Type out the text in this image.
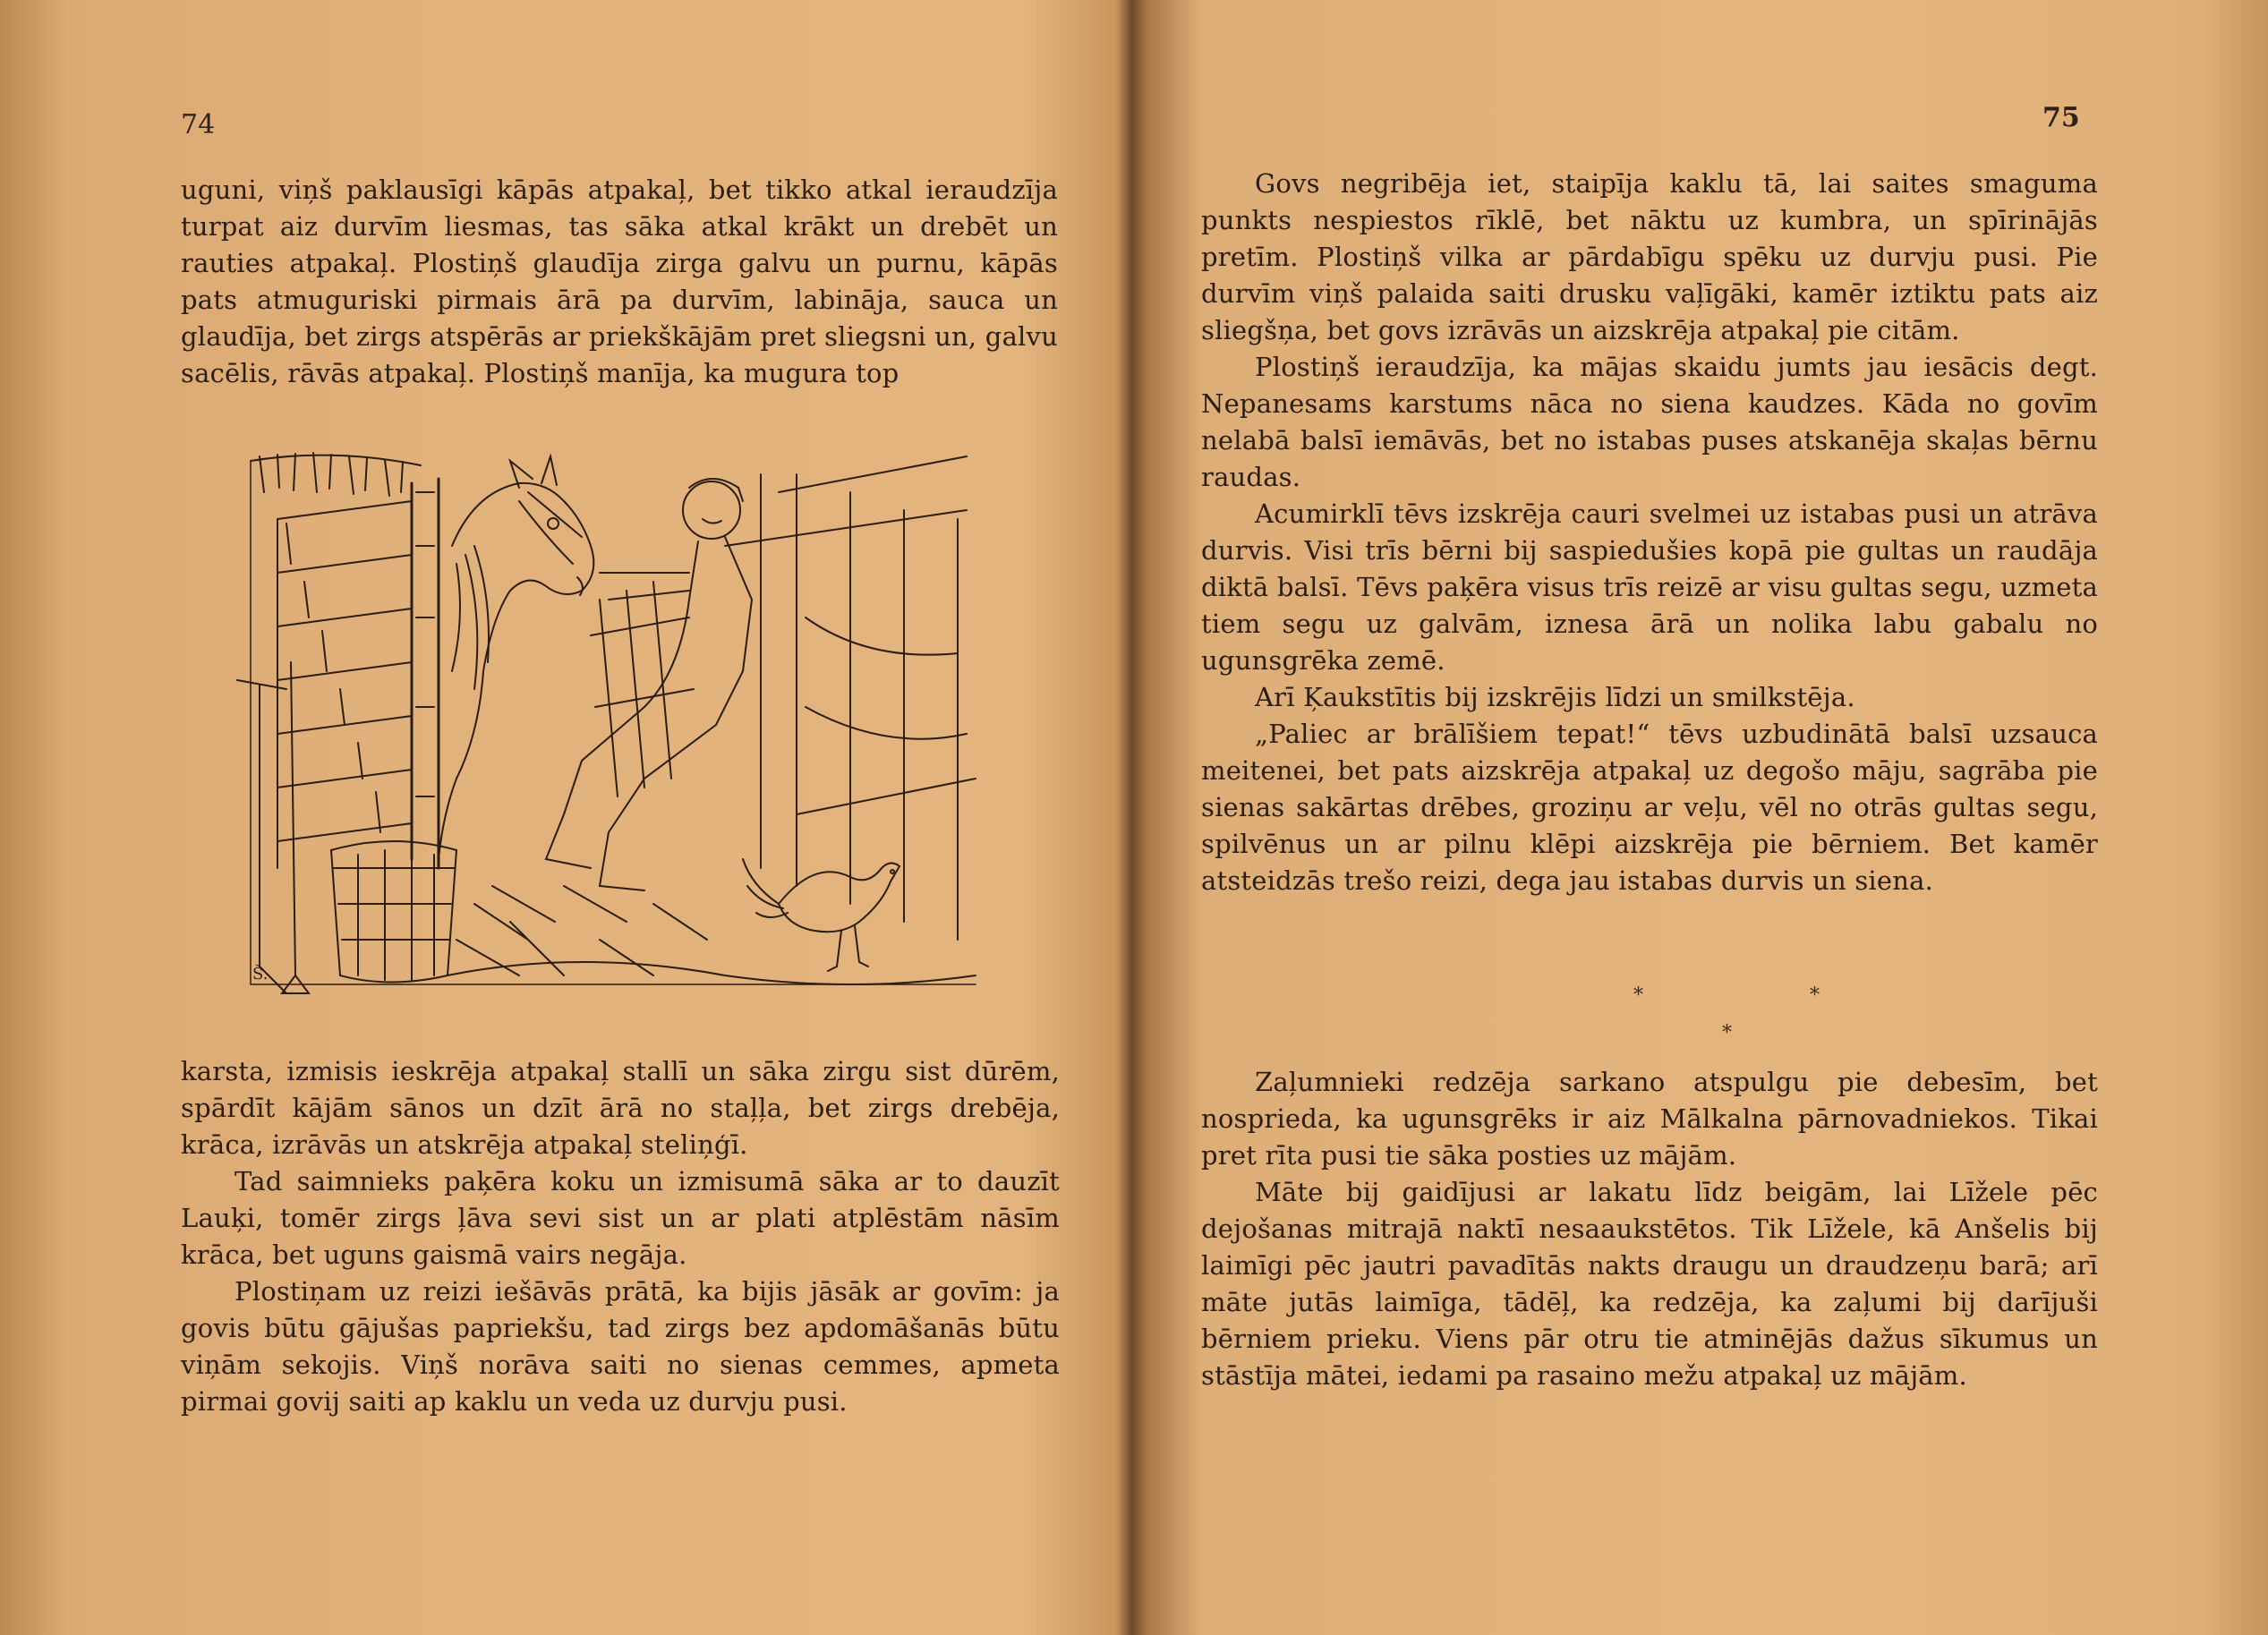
74

uguni, viņš paklausīgi kāpās atpakaļ, bet tikko atkal ieraudzīja turpat aiz durvīm liesmas, tas sāka atkal krākt un drebēt un rauties atpakaļ. Plostiņš glaudīja zirga galvu un purnu, kāpās pats atmuguriski pirmais ārā pa durvīm, labināja, sauca un glaudīja, bet zirgs atspērās ar priekškājām pret sliegsni un, galvu sacēlis, rāvās atpakaļ. Plostiņš manīja, ka mugura top

Š.

karsta, izmisis ieskrēja atpakaļ stallī un sāka zirgu sist dūrēm, spārdīt kājām sānos un dzīt ārā no staļļa, bet zirgs drebēja, krāca, izrāvās un atskrēja atpakaļ steliņģī.

Tad saimnieks paķēra koku un izmisumā sāka ar to dauzīt Lauķi, tomēr zirgs ļāva sevi sist un ar plati atplēstām nāsīm krāca, bet uguns gaismā vairs negāja.

Plostiņam uz reizi iešāvās prātā, ka bijis jāsāk ar govīm: ja govis būtu gājušas papriekšu, tad zirgs bez apdomāšanās būtu viņām sekojis. Viņš norāva saiti no sienas cemmes, apmeta pirmai govij saiti ap kaklu un veda uz durvju pusi.

75

Govs negribēja iet, staipīja kaklu tā, lai saites smaguma punkts nespiestos rīklē, bet nāktu uz kumbra, un spīrinājās pretīm. Plostiņš vilka ar pārdabīgu spēku uz durvju pusi. Pie durvīm viņš palaida saiti drusku vaļīgāki, kamēr iztiktu pats aiz sliegšņa, bet govs izrāvās un aizskrēja atpakaļ pie citām.

Plostiņš ieraudzīja, ka mājas skaidu jumts jau iesācis degt. Nepanesams karstums nāca no siena kaudzes. Kāda no govīm nelabā balsī iemāvās, bet no istabas puses atskanēja skaļas bērnu raudas.

Acumirklī tēvs izskrēja cauri svelmei uz istabas pusi un atrāva durvis. Visi trīs bērni bij saspiedušies kopā pie gultas un raudāja diktā balsī. Tēvs paķēra visus trīs reizē ar visu gultas segu, uzmeta tiem segu uz galvām, iznesa ārā un nolika labu gabalu no ugunsgrēka zemē.

Arī Ķaukstītis bij izskrējis līdzi un smilkstēja.

„Paliec ar brālīšiem tepat!“ tēvs uzbudinātā balsī uzsauca meitenei, bet pats aizskrēja atpakaļ uz degošo māju, sagrāba pie sienas sakārtas drēbes, groziņu ar veļu, vēl no otrās gultas segu, spilvēnus un ar pilnu klēpi aizskrēja pie bērniem. Bet kamēr atsteidzās trešo reizi, dega jau istabas durvis un siena.

*	*
*

Zaļumnieki redzēja sarkano atspulgu pie debesīm, bet nosprieda, ka ugunsgrēks ir aiz Mālkalna pārnovadniekos. Tikai pret rīta pusi tie sāka posties uz mājām.

Māte bij gaidījusi ar lakatu līdz beigām, lai Līžele pēc dejošanas mitrajā naktī nesaaukstētos. Tik Līžele, kā Anšelis bij laimīgi pēc jautri pavadītās nakts draugu un draudzeņu barā; arī māte jutās laimīga, tādēļ, ka redzēja, ka zaļumi bij darījuši bērniem prieku. Viens pār otru tie atminējās dažus sīkumus un stāstīja mātei, iedami pa rasaino mežu atpakaļ uz mājām.
